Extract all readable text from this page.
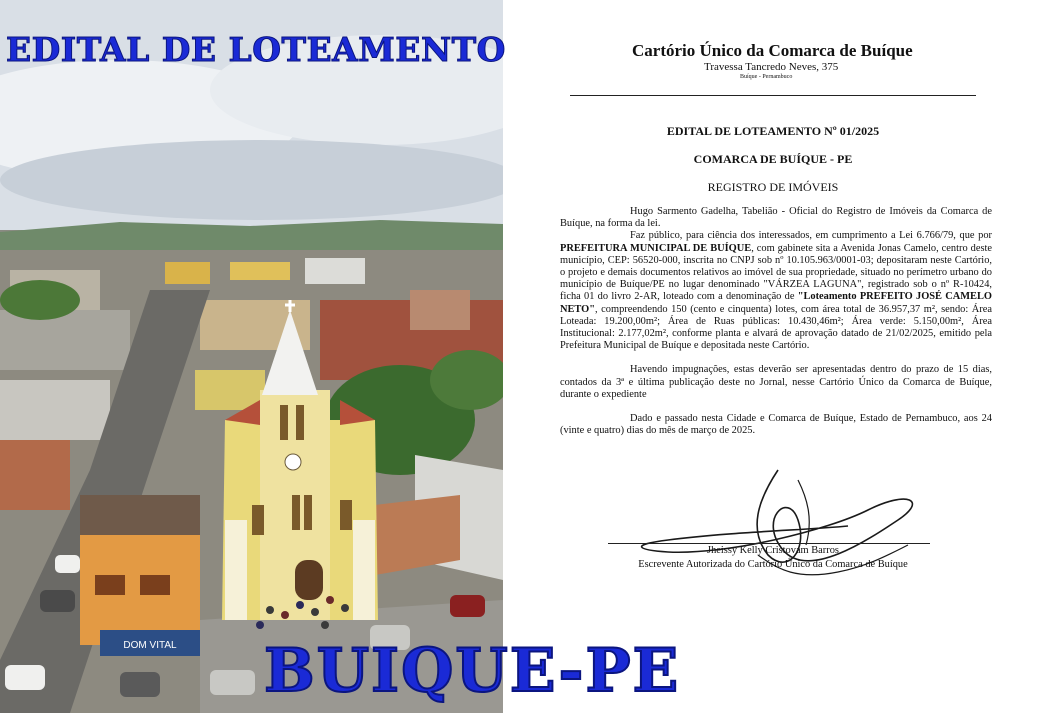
DOM VITAL
EDITAL DE LOTEAMENTO
BUIQUE-PE
Cartório Único da Comarca de Buíque
Travessa Tancredo Neves, 375
Buíque - Pernambuco
EDITAL DE LOTEAMENTO Nº 01/2025
COMARCA DE BUÍQUE - PE
REGISTRO DE IMÓVEIS

Hugo Sarmento Gadelha, Tabelião - Oficial do Registro de Imóveis da Comarca de Buíque, na forma da lei.

Faz público, para ciência dos interessados, em cumprimento a Lei 6.766/79, que por PREFEITURA MUNICIPAL DE BUÍQUE, com gabinete sita a Avenida Jonas Camelo, centro deste município, CEP: 56520-000, inscrita no CNPJ sob nº 10.105.963/0001-03; depositaram neste Cartório, o projeto e demais documentos relativos ao imóvel de sua propriedade, situado no perímetro urbano do município de Buíque/PE no lugar denominado "VÁRZEA LAGUNA", registrado sob o nº R-10424, ficha 01 do livro 2-AR, loteado com a denominação de "Loteamento PREFEITO JOSÉ CAMELO NETO", compreendendo 150 (cento e cinquenta) lotes, com área total de 36.957,37 m², sendo: Área Loteada: 19.200,00m²; Área de Ruas públicas: 10.430,46m²; Área verde: 5.150,00m², Área Institucional: 2.177,02m², conforme planta e alvará de aprovação datado de 21/02/2025, emitido pela Prefeitura Municipal de Buíque e depositada neste Cartório.

Havendo impugnações, estas deverão ser apresentadas dentro do prazo de 15 dias, contados da 3ª e última publicação deste no Jornal, nesse Cartório Único da Comarca de Buíque, durante o expediente

Dado e passado nesta Cidade e Comarca de Buíque, Estado de Pernambuco, aos 24 (vinte e quatro) dias do mês de março de 2025.

Jheissy Kelly Cristovam Barros
Escrevente Autorizada do Cartório Único da Comarca de Buíque
